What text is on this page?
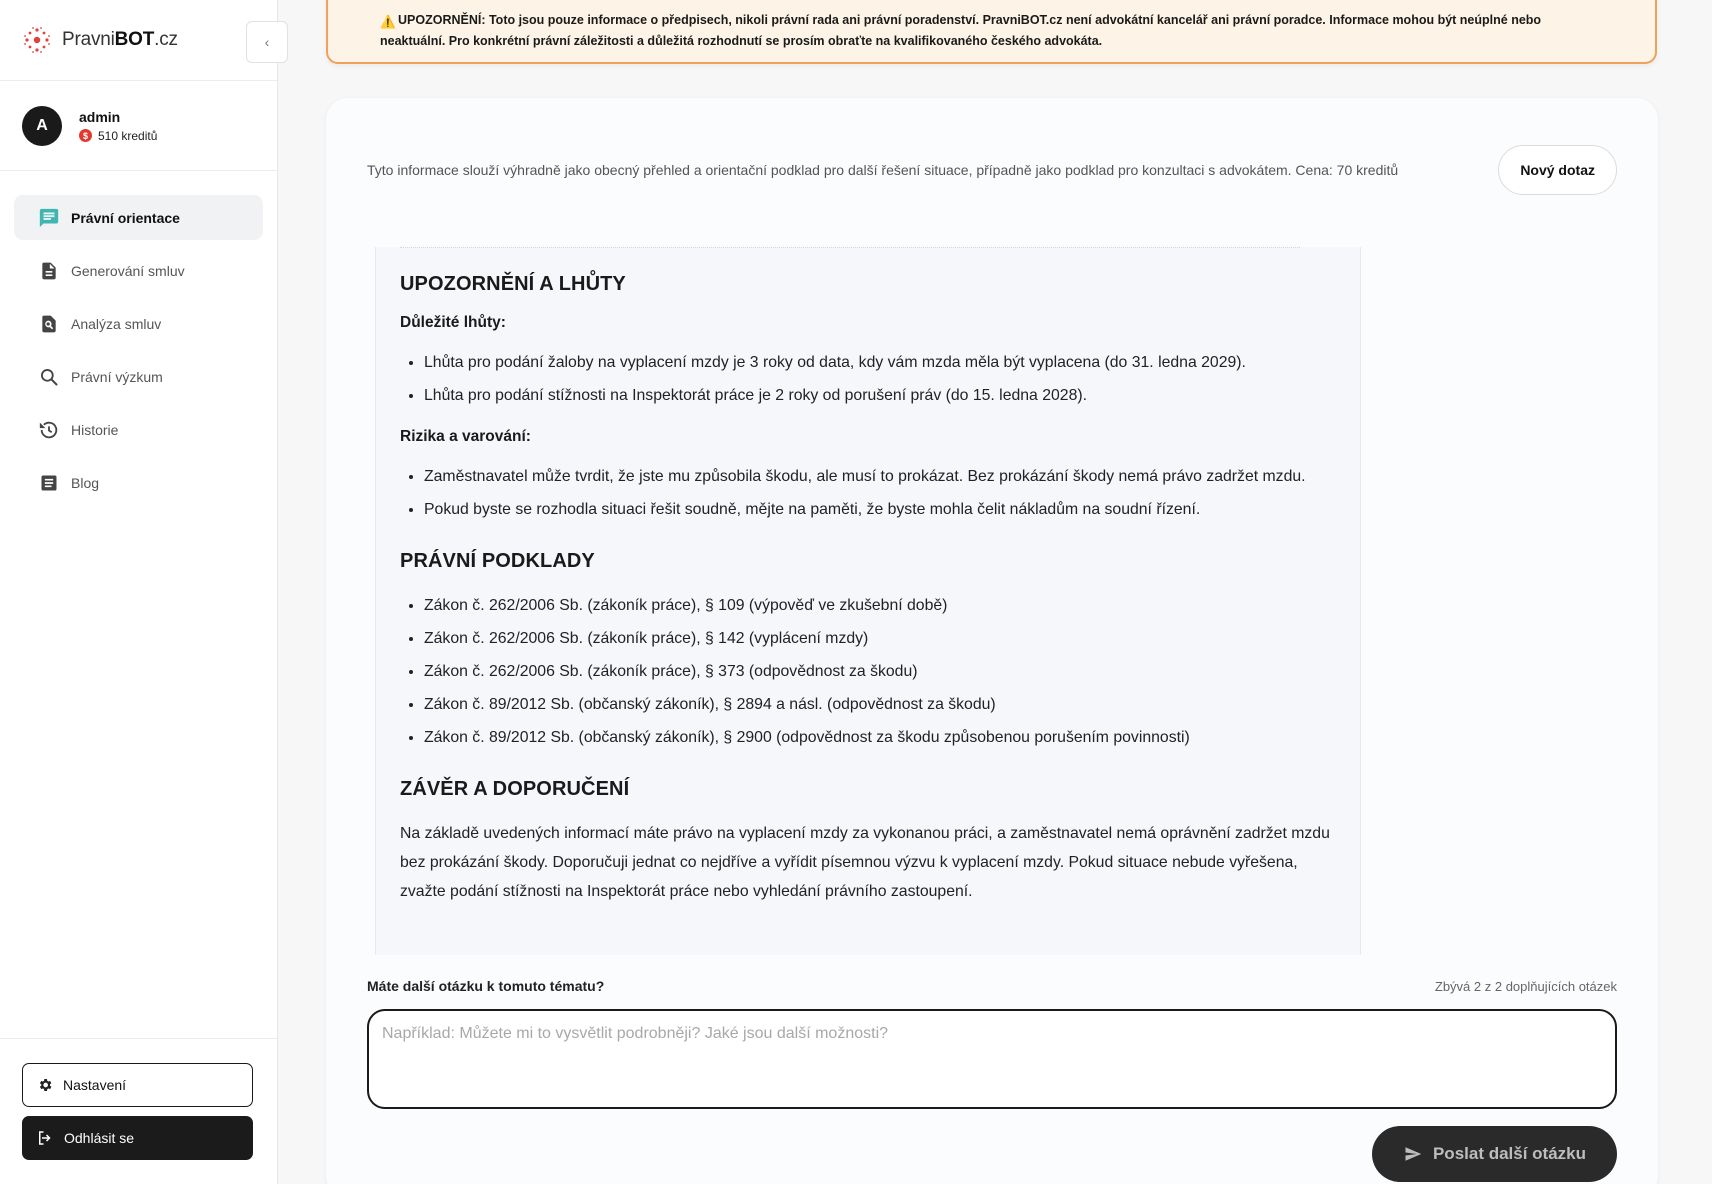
PravniBOT.cz	‹
A	admin
$ 510 kreditů
Právní orientace
Generování smluv
Analýza smluv
Právní výzkum
Historie
Blog
Nastavení
Odhlásit se
⚠️ UPOZORNĚNÍ: Toto jsou pouze informace o předpisech, nikoli právní rada ani právní poradenství. PravniBOT.cz není advokátní kancelář ani právní poradce. Informace mohou být neúplné nebo neaktuální. Pro konkrétní právní záležitosti a důležitá rozhodnutí se prosím obraťte na kvalifikovaného českého advokáta.

Tyto informace slouží výhradně jako obecný přehled a orientační podklad pro další řešení situace, případně jako podklad pro konzultaci s advokátem. Cena: 70 kreditů	Nový dotaz
UPOZORNĚNÍ A LHŮTY
Důležité lhůty:
• Lhůta pro podání žaloby na vyplacení mzdy je 3 roky od data, kdy vám mzda měla být vyplacena (do 31. ledna 2029).
• Lhůta pro podání stížnosti na Inspektorát práce je 2 roky od porušení práv (do 15. ledna 2028).
Rizika a varování:
• Zaměstnavatel může tvrdit, že jste mu způsobila škodu, ale musí to prokázat. Bez prokázání škody nemá právo zadržet mzdu.
• Pokud byste se rozhodla situaci řešit soudně, mějte na paměti, že byste mohla čelit nákladům na soudní řízení.
PRÁVNÍ PODKLADY
• Zákon č. 262/2006 Sb. (zákoník práce), § 109 (výpověď ve zkušební době)
• Zákon č. 262/2006 Sb. (zákoník práce), § 142 (vyplácení mzdy)
• Zákon č. 262/2006 Sb. (zákoník práce), § 373 (odpovědnost za škodu)
• Zákon č. 89/2012 Sb. (občanský zákoník), § 2894 a násl. (odpovědnost za škodu)
• Zákon č. 89/2012 Sb. (občanský zákoník), § 2900 (odpovědnost za škodu způsobenou porušením povinnosti)
ZÁVĚR A DOPORUČENÍ

Na základě uvedených informací máte právo na vyplacení mzdy za vykonanou práci, a zaměstnavatel nemá oprávnění zadržet mzdu bez prokázání škody. Doporučuji jednat co nejdříve a vyřídit písemnou výzvu k vyplacení mzdy. Pokud situace nebude vyřešena, zvažte podání stížnosti na Inspektorát práce nebo vyhledání právního zastoupení.

Máte další otázku k tomuto tématu?	Zbývá 2 z 2 doplňujících otázek
Například: Můžete mi to vysvětlit podrobněji? Jaké jsou další možnosti?
Poslat další otázku
